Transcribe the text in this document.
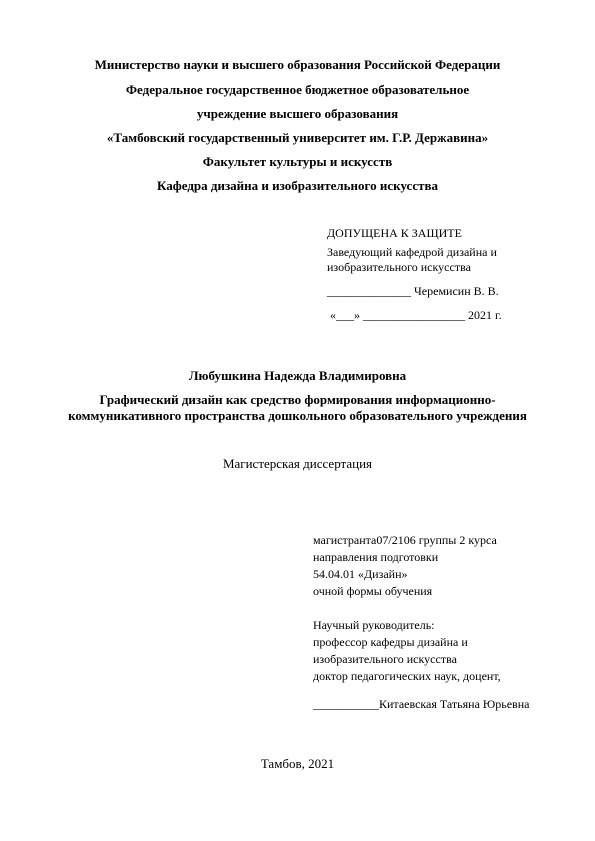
Министерство науки и высшего образования Российской Федерации
Федеральное государственное бюджетное образовательное
учреждение высшего образования
«Тамбовский государственный университет им. Г.Р. Державина»
Факультет культуры и искусств
Кафедра дизайна и изобразительного искусства
ДОПУЩЕНА К ЗАЩИТЕ
Заведующий кафедрой дизайна и
изобразительного искусства
______________ Черемисин В. В.
«___» _________________ 2021 г.
Любушкина Надежда Владимировна
Графический дизайн как средство формирования информационно-коммуникативного пространства дошкольного образовательного учреждения
Магистерская диссертация
магистранта07/2106 группы 2 курса
направления подготовки
54.04.01 «Дизайн»
очной формы обучения
Научный руководитель:
профессор кафедры дизайна и
изобразительного искусства
доктор педагогических наук, доцент,
___________Китаевская Татьяна Юрьевна
Тамбов, 2021
